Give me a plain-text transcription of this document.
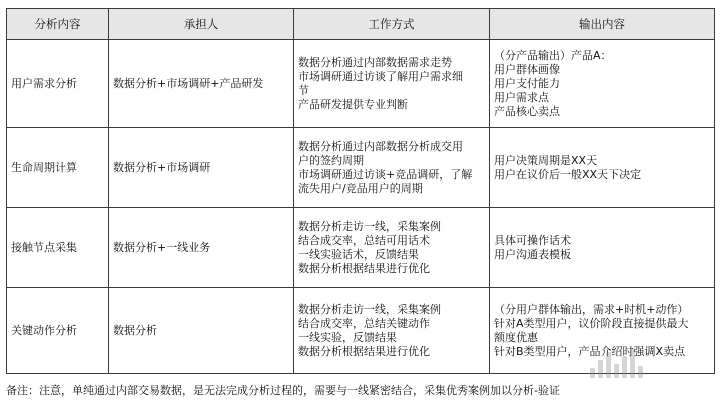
分析内容	承担人	工作方式	输出内容

用户需求分析	数据分析+市场调研+产品研发	数据分析通过内部数据需求走势
市场调研通过访谈了解用户需求细
节
产品研发提供专业判断	（分产品输出）产品A：
用户群体画像
用户支付能力
用户需求点
产品核心卖点

生命周期计算	数据分析+市场调研	数据分析通过内部数据分析成交用
户的签约周期
市场调研通过访谈+竞品调研，了解
流失用户/竞品用户的周期	用户决策周期是XX天
用户在议价后一般XX天下决定

接触节点采集	数据分析+一线业务	数据分析走访一线，采集案例
结合成交率，总结可用话术
一线实验话术，反馈结果
数据分析根据结果进行优化	具体可操作话术
用户沟通表模板

关键动作分析	数据分析	数据分析走访一线，采集案例
结合成交率，总结关键动作
一线实验，反馈结果
数据分析根据结果进行优化	（分用户群体输出，需求+时机+动作）
针对A类型用户，议价阶段直接提供最大
额度优惠
针对B类型用户，产品介绍时强调X卖点
备注：注意，单纯通过内部交易数据，是无法完成分析过程的，需要与一线紧密结合，采集优秀案例加以分析-验证
